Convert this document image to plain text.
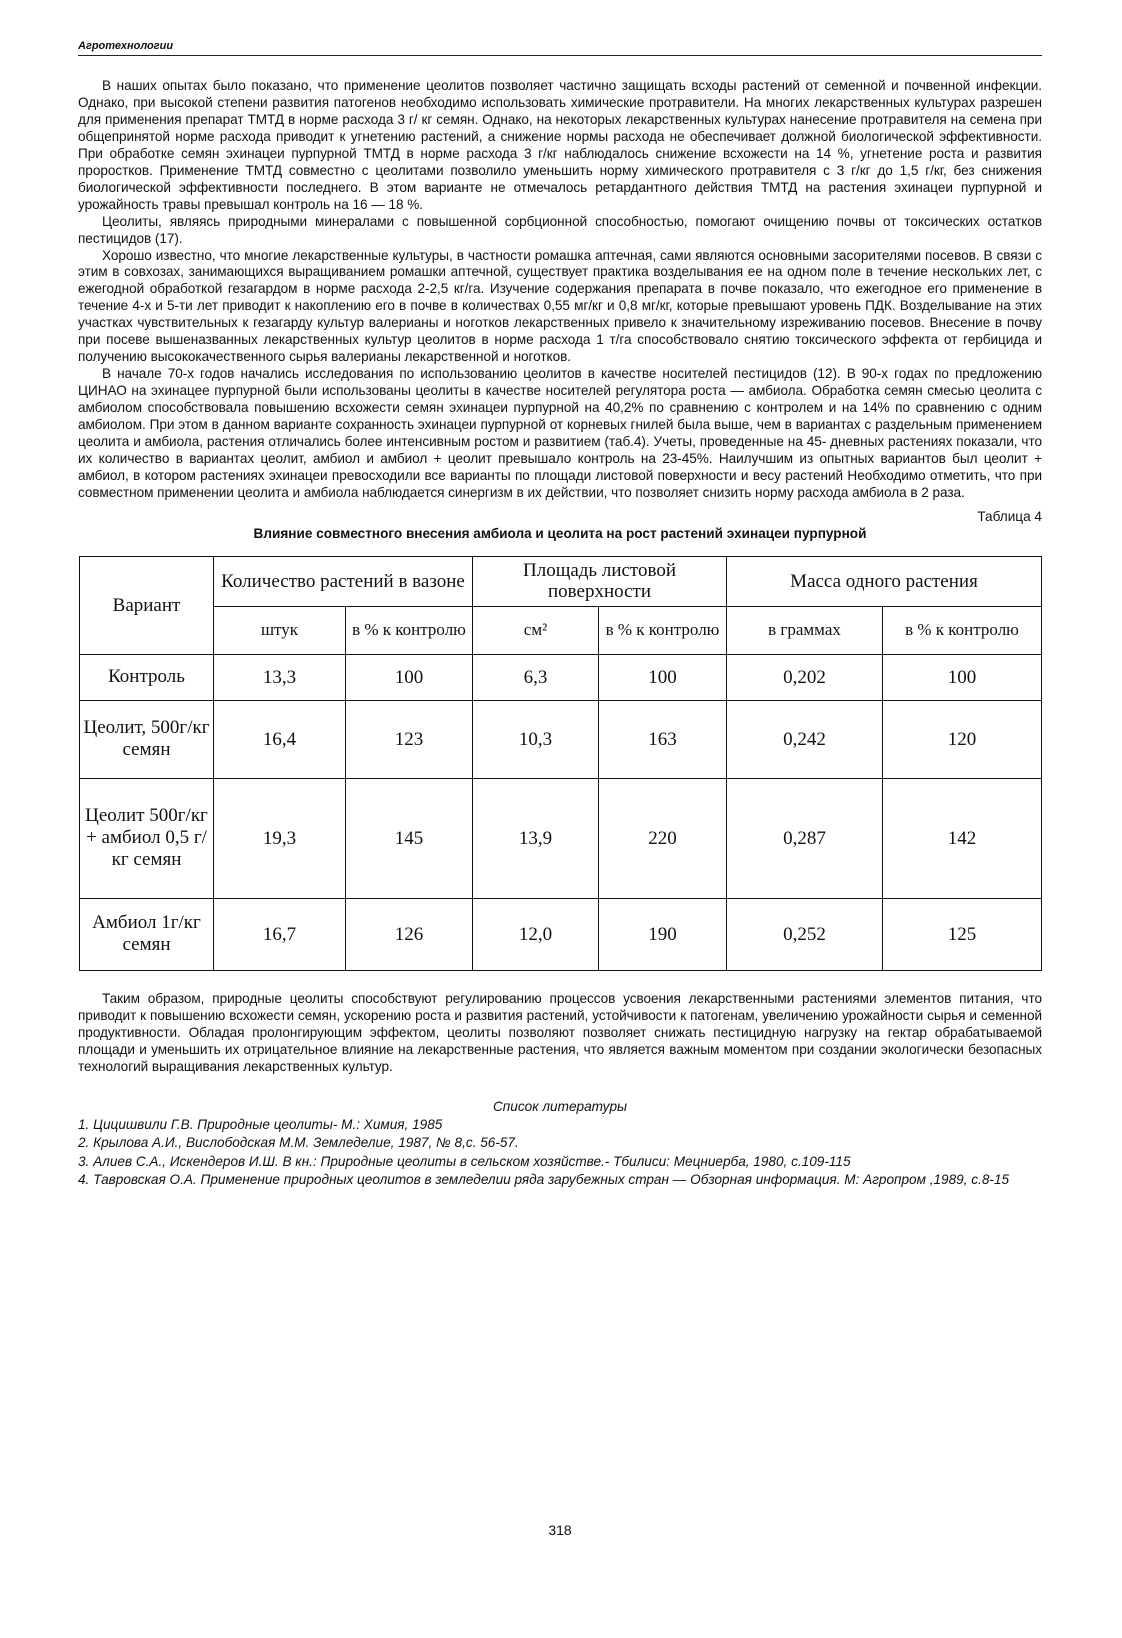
Агротехнологии

В наших опытах было показано, что применение цеолитов позволяет частично защищать всходы растений от семенной и почвенной инфекции. Однако, при высокой степени развития патогенов необходимо использовать химические протравители. На многих лекарственных культурах разрешен для применения препарат ТМТД в норме расхода 3 г/ кг семян. Однако, на некоторых лекарственных культурах нанесение протравителя на семена при общепринятой норме расхода приводит к угнетению растений, а снижение нормы расхода не обеспечивает должной биологической эффективности. При обработке семян эхинацеи пурпурной ТМТД в норме расхода 3 г/кг наблюдалось снижение всхожести на 14 %, угнетение роста и развития проростков. Применение ТМТД совместно с цеолитами позволило уменьшить норму химического протравителя с 3 г/кг до 1,5 г/кг, без снижения биологической эффективности последнего. В этом варианте не отмечалось ретардантного действия ТМТД на растения эхинацеи пурпурной и урожайность травы превышал контроль на 16 — 18 %.

Цеолиты, являясь природными минералами с повышенной сорбционной способностью, помогают очищению почвы от токсических остатков пестицидов (17).

Хорошо известно, что многие лекарственные культуры, в частности ромашка аптечная, сами являются основными засорителями посевов. В связи с этим в совхозах, занимающихся выращиванием ромашки аптечной, существует практика возделывания ее на одном поле в течение нескольких лет, с ежегодной обработкой гезагардом в норме расхода 2-2,5 кг/га. Изучение содержания препарата в почве показало, что ежегодное его применение в течение 4-х и 5-ти лет приводит к накоплению его в почве в количествах 0,55 мг/кг и 0,8 мг/кг, которые превышают уровень ПДК. Возделывание на этих участках чувствительных к гезагарду культур валерианы и ноготков лекарственных привело к значительному изреживанию посевов. Внесение в почву при посеве вышеназванных лекарственных культур цеолитов в норме расхода 1 т/га способствовало снятию токсического эффекта от гербицида и получению высококачественного сырья валерианы лекарственной и ноготков.

В начале 70-х годов начались исследования по использованию цеолитов в качестве носителей пестицидов (12). В 90-х годах по предложению ЦИНАО на эхинацее пурпурной были использованы цеолиты в качестве носителей регулятора роста — амбиола. Обработка семян смесью цеолита с амбиолом способствовала повышению всхожести семян эхинацеи пурпурной на 40,2% по сравнению с контролем и на 14% по сравнению с одним амбиолом. При этом в данном варианте сохранность эхинацеи пурпурной от корневых гнилей была выше, чем в вариантах с раздельным применением цеолита и амбиола, растения отличались более интенсивным ростом и развитием (таб.4). Учеты, проведенные на 45- дневных растениях показали, что их количество в вариантах цеолит, амбиол и амбиол + цеолит превышало контроль на 23-45%. Наилучшим из опытных вариантов был цеолит + амбиол, в котором растениях эхинацеи превосходили все варианты по площади листовой поверхности и весу растений Необходимо отметить, что при совместном применении цеолита и амбиола наблюдается синергизм в их действии, что позволяет снизить норму расхода амбиола в 2 раза.

Таблица 4
Влияние совместного внесения амбиола и цеолита на рост растений эхинацеи пурпурной
Вариант	Количество растений в вазоне		Площадь листовой поверхности		Масса одного растения	
	штук	в % к контролю	см²	в % к контролю	в граммах	в % к контролю
Контроль	13,3	100	6,3	100	0,202	100
Цеолит, 500г/кг семян	16,4	123	10,3	163	0,242	120
Цеолит 500г/кг + амбиол 0,5 г/кг семян	19,3	145	13,9	220	0,287	142
Амбиол 1г/кг семян	16,7	126	12,0	190	0,252	125

Таким образом, природные цеолиты способствуют регулированию процессов усвоения лекарственными растениями элементов питания, что приводит к повышению всхожести семян, ускорению роста и развития растений, устойчивости к патогенам, увеличению урожайности сырья и семенной продуктивности. Обладая пролонгирующим эффектом, цеолиты позволяют позволяет снижать пестицидную нагрузку на гектар обрабатываемой площади и уменьшить их отрицательное влияние на лекарственные растения, что является важным моментом при создании экологически безопасных технологий выращивания лекарственных культур.

Список литературы

1. Цицишвили Г.В. Природные цеолиты- М.: Химия, 1985

2. Крылова А.И., Вислободская М.М. Земледелие, 1987, № 8,с. 56-57.

3. Алиев С.А., Искендеров И.Ш. В кн.: Природные цеолиты в сельском хозяйстве.- Тбилиси: Мецниерба, 1980, с.109-115

4. Тавровская О.А. Применение природных цеолитов в земледелии ряда зарубежных стран — Обзорная информация. М: Агропром ,1989, с.8-15

318
